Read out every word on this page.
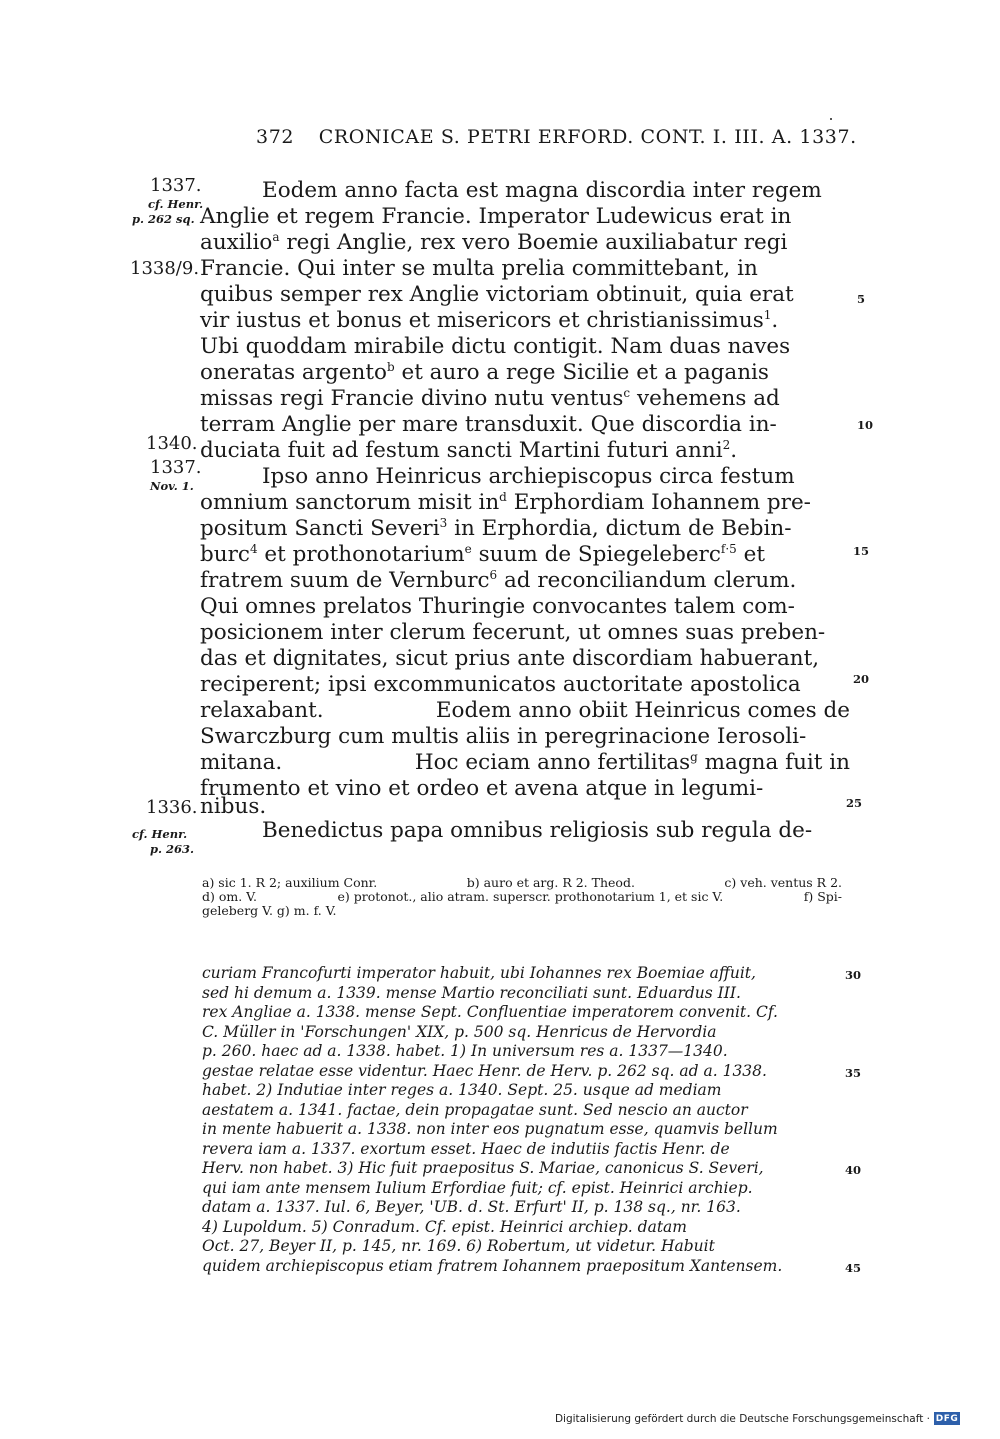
372 CRONICAE S. PETRI ERFORD. CONT. I. III. A. 1337.
1337.
cf. Henr.
p. 262 sq.
1338/9.
1340.
1337.
Nov. 1.
1336.
cf. Henr.
p. 263.
5
10
15
20
25
Eodem anno facta est magna discordia inter regem
Anglie et regem Francie. Imperator Ludewicus erat in
auxilio$^a$ regi Anglie, rex vero Boemie auxiliabatur regi
Francie. Qui inter se multa prelia committebant, in
quibus semper rex Anglie victoriam obtinuit, quia erat
vir iustus et bonus et misericors et christianissimus$^1$.
Ubi quoddam mirabile dictu contigit. Nam duas naves
oneratas argento$^b$ et auro a rege Sicilie et a paganis
missas regi Francie divino nutu ventus$^c$ vehemens ad
terram Anglie per mare transduxit. Que discordia in-
duciata fuit ad festum sancti Martini futuri anni$^2$.
Ipso anno Heinricus archiepiscopus circa festum
omnium sanctorum misit $in^d$ Erphordiam Iohannem pre-
positum Sancti Severi$^3$ in Erphordia, dictum de Bebin-
burc$^4$ et prothonotarium$^e$ suum de Spiegeleberc$^{f\cdot 5}$ et
fratrem suum de Vernburc$^6$ ad reconciliandum clerum.
Qui omnes prelatos Thuringie convocantes talem com-
posicionem inter clerum fecerunt, ut omnes suas preben-
das et dignitates, sicut prius ante discordiam habuerant,
reciperent; ipsi excommunicatos auctoritate apostolica
relaxabant.	Eodem anno obiit Heinricus comes de
Swarczburg cum multis aliis in peregrinacione Ierosoli-
mitana.	Hoc eciam anno fertilitas$^g$ magna fuit in
frumento et vino et ordeo et avena atque in legumi-
nibus.
Benedictus papa omnibus religiosis sub regula de-
a) sic 1. R 2; auxilium Conr.	b) auro et arg. R 2. Theod.	c) veh. ventus R 2.
d) om. V.	e) protonot., alio atram. superscr. prothonotarium 1, et sic V.	f) Spi-
geleberg V. g) m. f. V.
curiam Francofurti imperator habuit, ubi Iohannes rex Boemiae affuit,
sed hi demum a. 1339. mense Martio reconciliati sunt. Eduardus III.
rex Angliae a. 1338. mense Sept. Confluentiae imperatorem convenit. Cf.
C. Müller in 'Forschungen' XIX, p. 500 sq. Henricus de Hervordia
p. 260. haec ad a. 1338. habet. 1) In universum res a. 1337—1340.
gestae relatae esse videntur. Haec Henr. de Herv. p. 262 sq. ad a. 1338.
habet. 2) Indutiae inter reges a. 1340. Sept. 25. usque ad mediam
aestatem a. 1341. factae, dein propagatae sunt. Sed nescio an auctor
in mente habuerit a. 1338. non inter eos pugnatum esse, quamvis bellum
revera iam a. 1337. exortum esset. Haec de indutiis factis Henr. de
Herv. non habet. 3) Hic fuit praepositus S. Mariae, canonicus S. Severi,
qui iam ante mensem Iulium Erfordiae fuit; cf. epist. Heinrici archiep.
datam a. 1337. Iul. 6, Beyer, 'UB. d. St. Erfurt' II, p. 138 sq., nr. 163.
4) Lupoldum. 5) Conradum. Cf. epist. Heinrici archiep. datam
Oct. 27, Beyer II, p. 145, nr. 169. 6) Robertum, ut videtur. Habuit
quidem archiepiscopus etiam fratrem Iohannem praepositum Xantensem.
30
35
40
45
Digitalisierung gefördert durch die Deutsche Forschungsgemeinschaft · DFG
